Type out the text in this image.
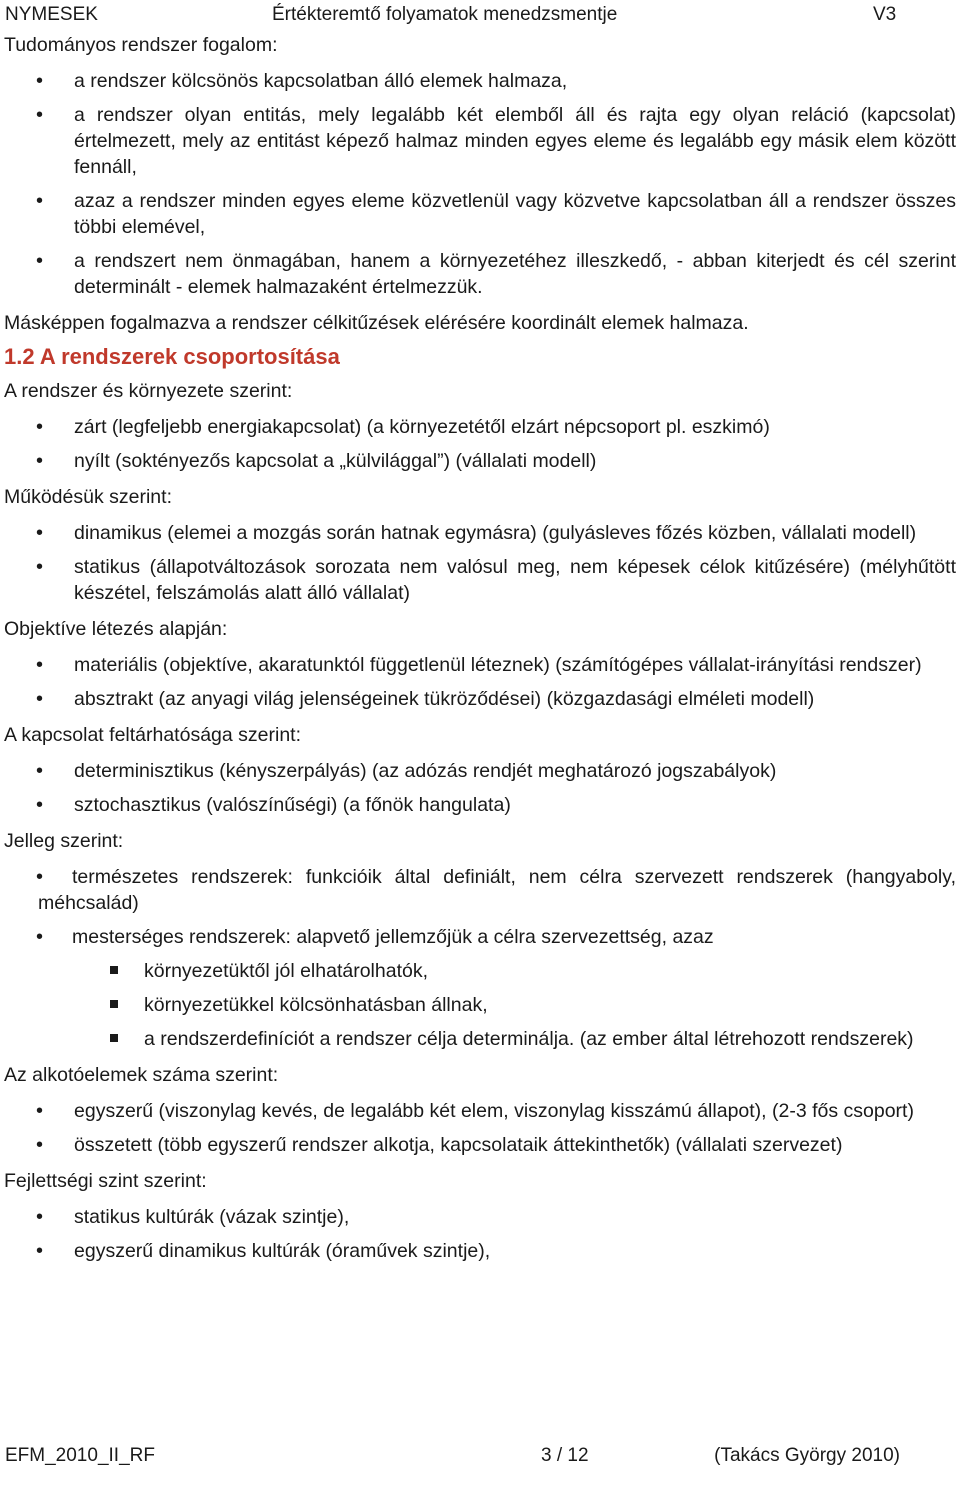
NYMESEK	Értékteremtő folyamatok menedzsmentje	V3

Tudományos rendszer fogalom:

• a rendszer kölcsönös kapcsolatban álló elemek halmaza,
• a rendszer olyan entitás, mely legalább két elemből áll és rajta egy olyan reláció (kapcsolat) értelmezett, mely az entitást képező halmaz minden egyes eleme és legalább egy másik elem között fennáll,
• azaz a rendszer minden egyes eleme közvetlenül vagy közvetve kapcsolatban áll a rendszer összes többi elemével,
• a rendszert nem önmagában, hanem a környezetéhez illeszkedő, - abban kiterjedt és cél szerint determinált - elemek halmazaként értelmezzük.

Másképpen fogalmazva a rendszer célkitűzések elérésére koordinált elemek halmaza.

1.2 A rendszerek csoportosítása

A rendszer és környezete szerint:

• zárt (legfeljebb energiakapcsolat) (a környezetétől elzárt népcsoport pl. eszkimó)
• nyílt (soktényezős kapcsolat a „külvilággal”) (vállalati modell)

Működésük szerint:

• dinamikus (elemei a mozgás során hatnak egymásra) (gulyásleves főzés közben, vállalati modell)
• statikus (állapotváltozások sorozata nem valósul meg, nem képesek célok kitűzésére) (mélyhűtött készétel, felszámolás alatt álló vállalat)

Objektíve létezés alapján:

• materiális (objektíve, akaratunktól függetlenül léteznek) (számítógépes vállalat-irányítási rendszer)
• absztrakt (az anyagi világ jelenségeinek tükröződései) (közgazdasági elméleti modell)

A kapcsolat feltárhatósága szerint:

• determinisztikus (kényszerpályás) (az adózás rendjét meghatározó jogszabályok)
• sztochasztikus (valószínűségi) (a főnök hangulata)

Jelleg szerint:

• természetes rendszerek: funkcióik által definiált, nem célra szervezett rendszerek (hangyaboly, méhcsalád)
• mesterséges rendszerek: alapvető jellemzőjük a célra szervezettség, azaz
környezetüktől jól elhatárolhatók,
környezetükkel kölcsönhatásban állnak,
a rendszerdefiníciót a rendszer célja determinálja. (az ember által létrehozott rendszerek)

Az alkotóelemek száma szerint:

• egyszerű (viszonylag kevés, de legalább két elem, viszonylag kisszámú állapot), (2-3 fős csoport)
• összetett (több egyszerű rendszer alkotja, kapcsolataik áttekinthetők) (vállalati szervezet)

Fejlettségi szint szerint:

• statikus kultúrák (vázak szintje),
• egyszerű dinamikus kultúrák (óraművek szintje),
EFM_2010_II_RF	3 / 12	(Takács György 2010)
